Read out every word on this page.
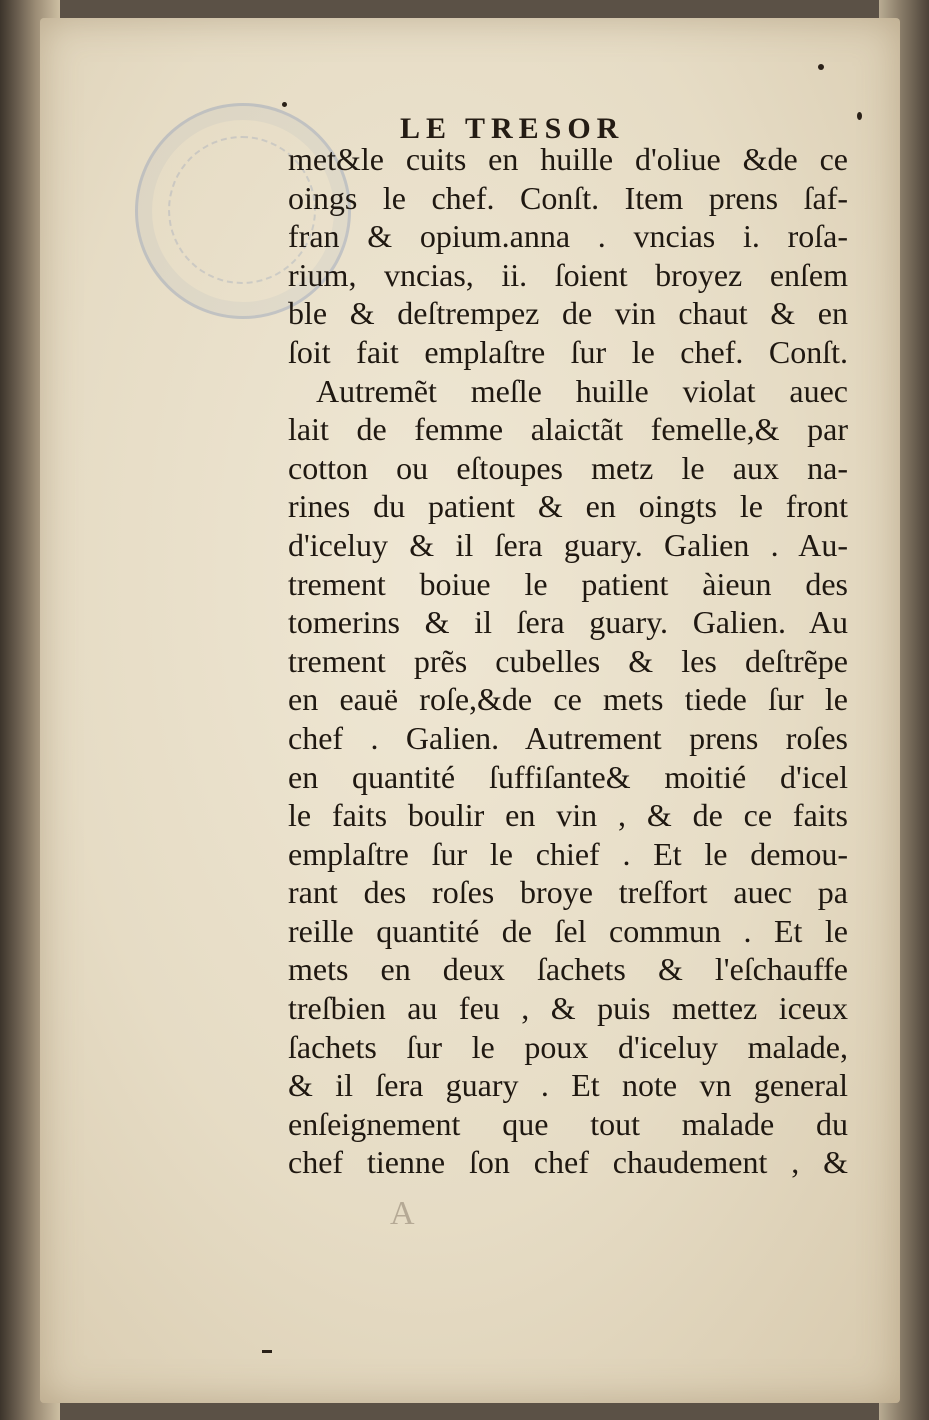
LE TRESOR
met&le cuits en huille d'oliue &de ce
oings le chef. Conſt. Item prens ſaf-
fran & opium.anna . vncias i. roſa-
rium, vncias, ii. ſoient broyez enſem
ble & deſtrempez de vin chaut & en
ſoit fait emplaſtre ſur le chef. Conſt.
Autremẽt meſle huille violat auec
lait de femme alaictãt femelle,& par
cotton ou eſtoupes metz le aux na-
rines du patient & en oingts le front
d'iceluy & il ſera guary. Galien . Au-
trement boiue le patient àieun des
tomerins & il ſera guary. Galien. Au
trement prẽs cubelles & les deſtrẽpe
en eauë roſe,&de ce mets tiede ſur le
chef . Galien. Autrement prens roſes
en quantité ſuffiſante& moitié d'icel
le faits boulir en vin , & de ce faits
emplaſtre ſur le chief . Et le demou-
rant des roſes broye treſfort auec pa
reille quantité de ſel commun . Et le
mets en deux ſachets & l'eſchauffe
treſbien au feu , & puis mettez iceux
ſachets ſur le poux d'iceluy malade,
& il ſera guary . Et note vn general
enſeignement que tout malade du
chef tienne ſon chef chaudement , &
A
